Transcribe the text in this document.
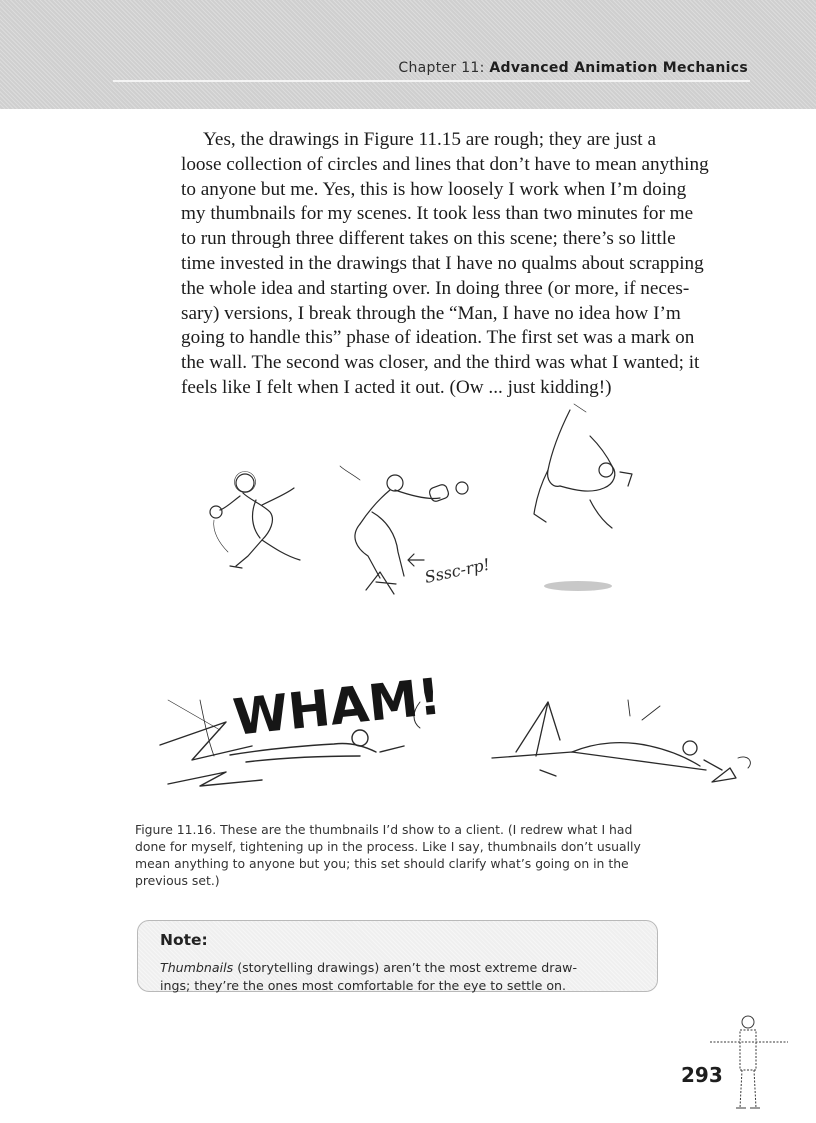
Chapter 11: Advanced Animation Mechanics
Yes, the drawings in Figure 11.15 are rough; they are just a
loose collection of circles and lines that don’t have to mean anything
to anyone but me. Yes, this is how loosely I work when I’m doing
my thumbnails for my scenes. It took less than two minutes for me
to run through three different takes on this scene; there’s so little
time invested in the drawings that I have no qualms about scrapping
the whole idea and starting over. In doing three (or more, if neces-
sary) versions, I break through the “Man, I have no idea how I’m
going to handle this” phase of ideation. The first set was a mark on
the wall. The second was closer, and the third was what I wanted; it
feels like I felt when I acted it out. (Ow ... just kidding!)
Sssc-rp!
WHAM!
Figure 11.16. These are the thumbnails I’d show to a client. (I redrew what I had
done for myself, tightening up in the process. Like I say, thumbnails don’t usually
mean anything to anyone but you; this set should clarify what’s going on in the
previous set.)
Note:
Thumbnails (storytelling drawings) aren’t the most extreme draw-
ings; they’re the ones most comfortable for the eye to settle on.
293
